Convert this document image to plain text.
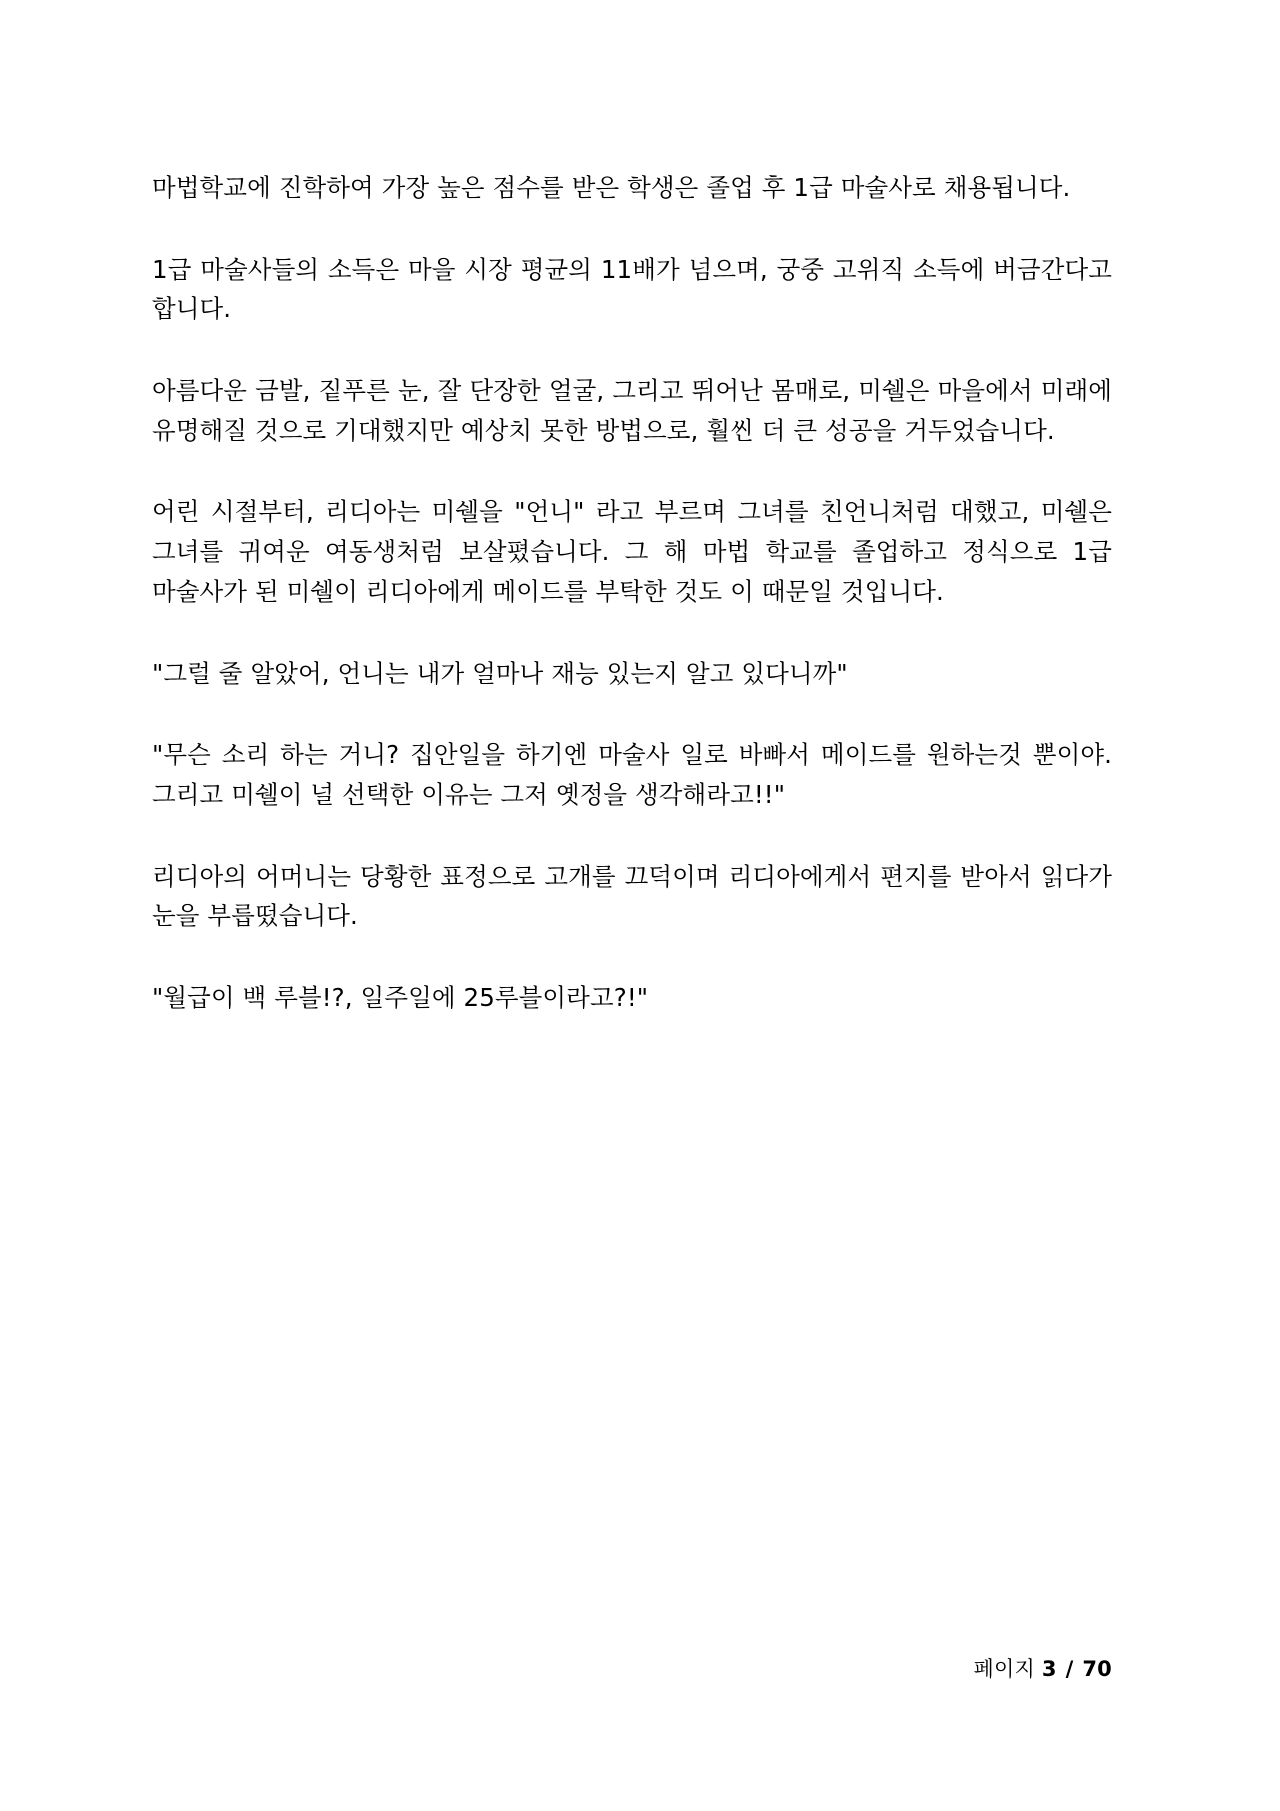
마법학교에 진학하여 가장 높은 점수를 받은 학생은 졸업 후 1급 마술사로 채용됩니다.

1급 마술사들의 소득은 마을 시장 평균의 11배가 넘으며, 궁중 고위직 소득에 버금간다고 합니다.

아름다운 금발, 짙푸른 눈, 잘 단장한 얼굴, 그리고 뛰어난 몸매로, 미쉘은 마을에서 미래에 유명해질 것으로 기대했지만 예상치 못한 방법으로, 훨씬 더 큰 성공을 거두었습니다.

어린 시절부터, 리디아는 미쉘을 "언니" 라고 부르며 그녀를 친언니처럼 대했고, 미쉘은 그녀를 귀여운 여동생처럼 보살폈습니다. 그 해 마법 학교를 졸업하고 정식으로 1급 마술사가 된 미쉘이 리디아에게 메이드를 부탁한 것도 이 때문일 것입니다.

"그럴 줄 알았어, 언니는 내가 얼마나 재능 있는지 알고 있다니까"

"무슨 소리 하는 거니? 집안일을 하기엔 마술사 일로 바빠서 메이드를 원하는것 뿐이야. 그리고 미쉘이 널 선택한 이유는 그저 옛정을 생각해라고!!"

리디아의 어머니는 당황한 표정으로 고개를 끄덕이며 리디아에게서 편지를 받아서 읽다가 눈을 부릅떴습니다.

"월급이 백 루블!?, 일주일에 25루블이라고?!"

페이지 3 / 70
